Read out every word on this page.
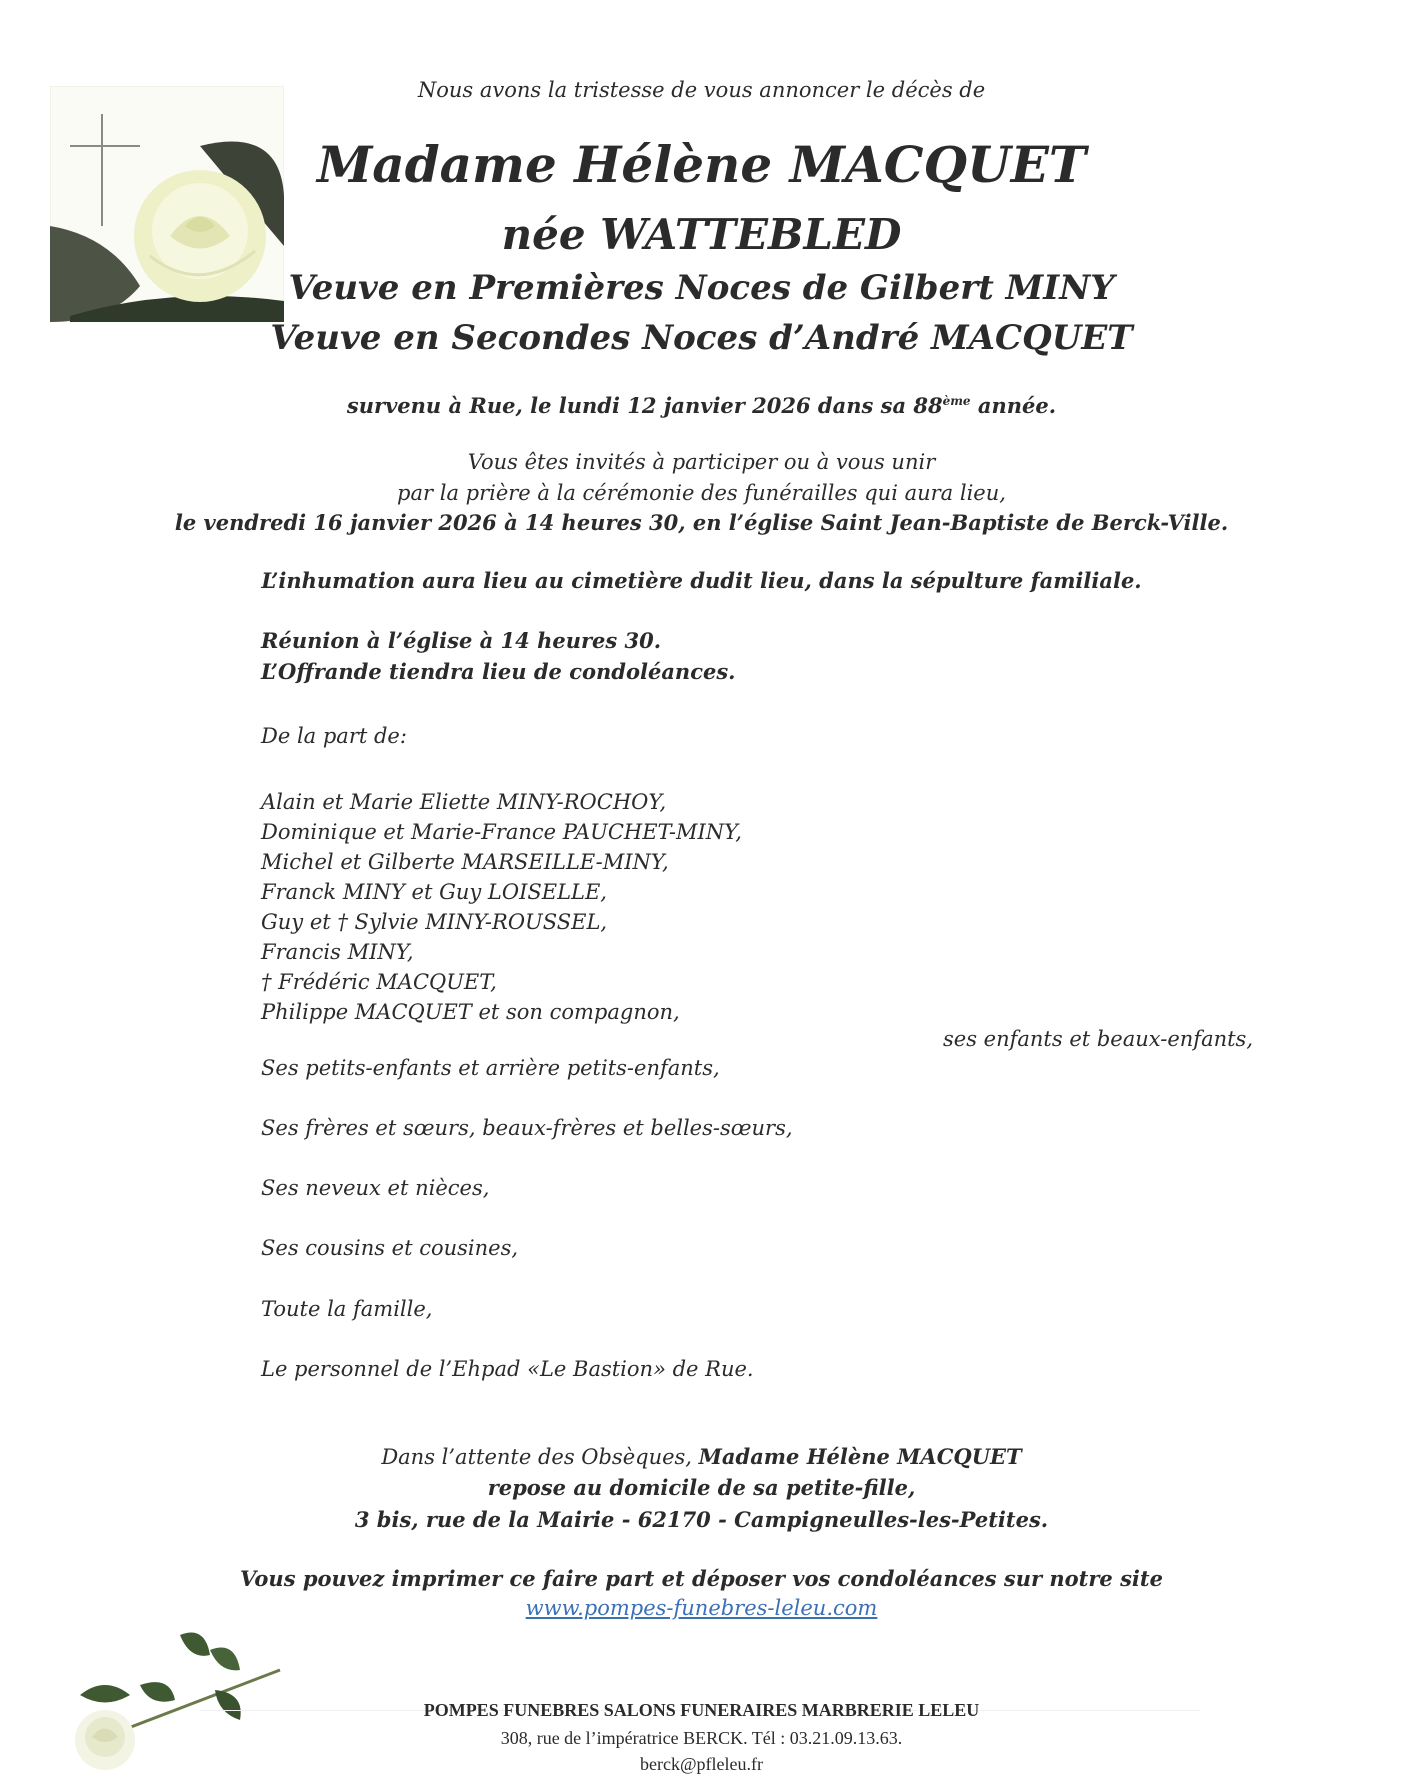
Nous avons la tristesse de vous annoncer le décès de
Madame Hélène MACQUET
née WATTEBLED
Veuve en Premières Noces de Gilbert MINY
Veuve en Secondes Noces d’André MACQUET
survenu à Rue, le lundi 12 janvier 2026 dans sa 88ème année.
Vous êtes invités à participer ou à vous unir
par la prière à la cérémonie des funérailles qui aura lieu,
le vendredi 16 janvier 2026 à 14 heures 30, en l’église Saint Jean-Baptiste de Berck-Ville.
L’inhumation aura lieu au cimetière dudit lieu, dans la sépulture familiale.
Réunion à l’église à 14 heures 30.
L’Offrande tiendra lieu de condoléances.
De la part de:
Alain et Marie Eliette MINY-ROCHOY,
Dominique et Marie-France PAUCHET-MINY,
Michel et Gilberte MARSEILLE-MINY,
Franck MINY et Guy LOISELLE,
Guy et † Sylvie MINY-ROUSSEL,
Francis MINY,
† Frédéric MACQUET,
Philippe MACQUET et son compagnon,
ses enfants et beaux-enfants,
Ses petits-enfants et arrière petits-enfants,
Ses frères et sœurs, beaux-frères et belles-sœurs,
Ses neveux et nièces,
Ses cousins et cousines,
Toute la famille,
Le personnel de l’Ehpad «Le Bastion» de Rue.
Dans l’attente des Obsèques, Madame Hélène MACQUET
repose au domicile de sa petite-fille,
3 bis, rue de la Mairie - 62170 - Campigneulles-les-Petites.
Vous pouvez imprimer ce faire part et déposer vos condoléances sur notre site
www.pompes-funebres-leleu.com
POMPES FUNEBRES SALONS FUNERAIRES MARBRERIE LELEU
308, rue de l’impératrice BERCK. Tél : 03.21.09.13.63.
berck@pfleleu.fr
